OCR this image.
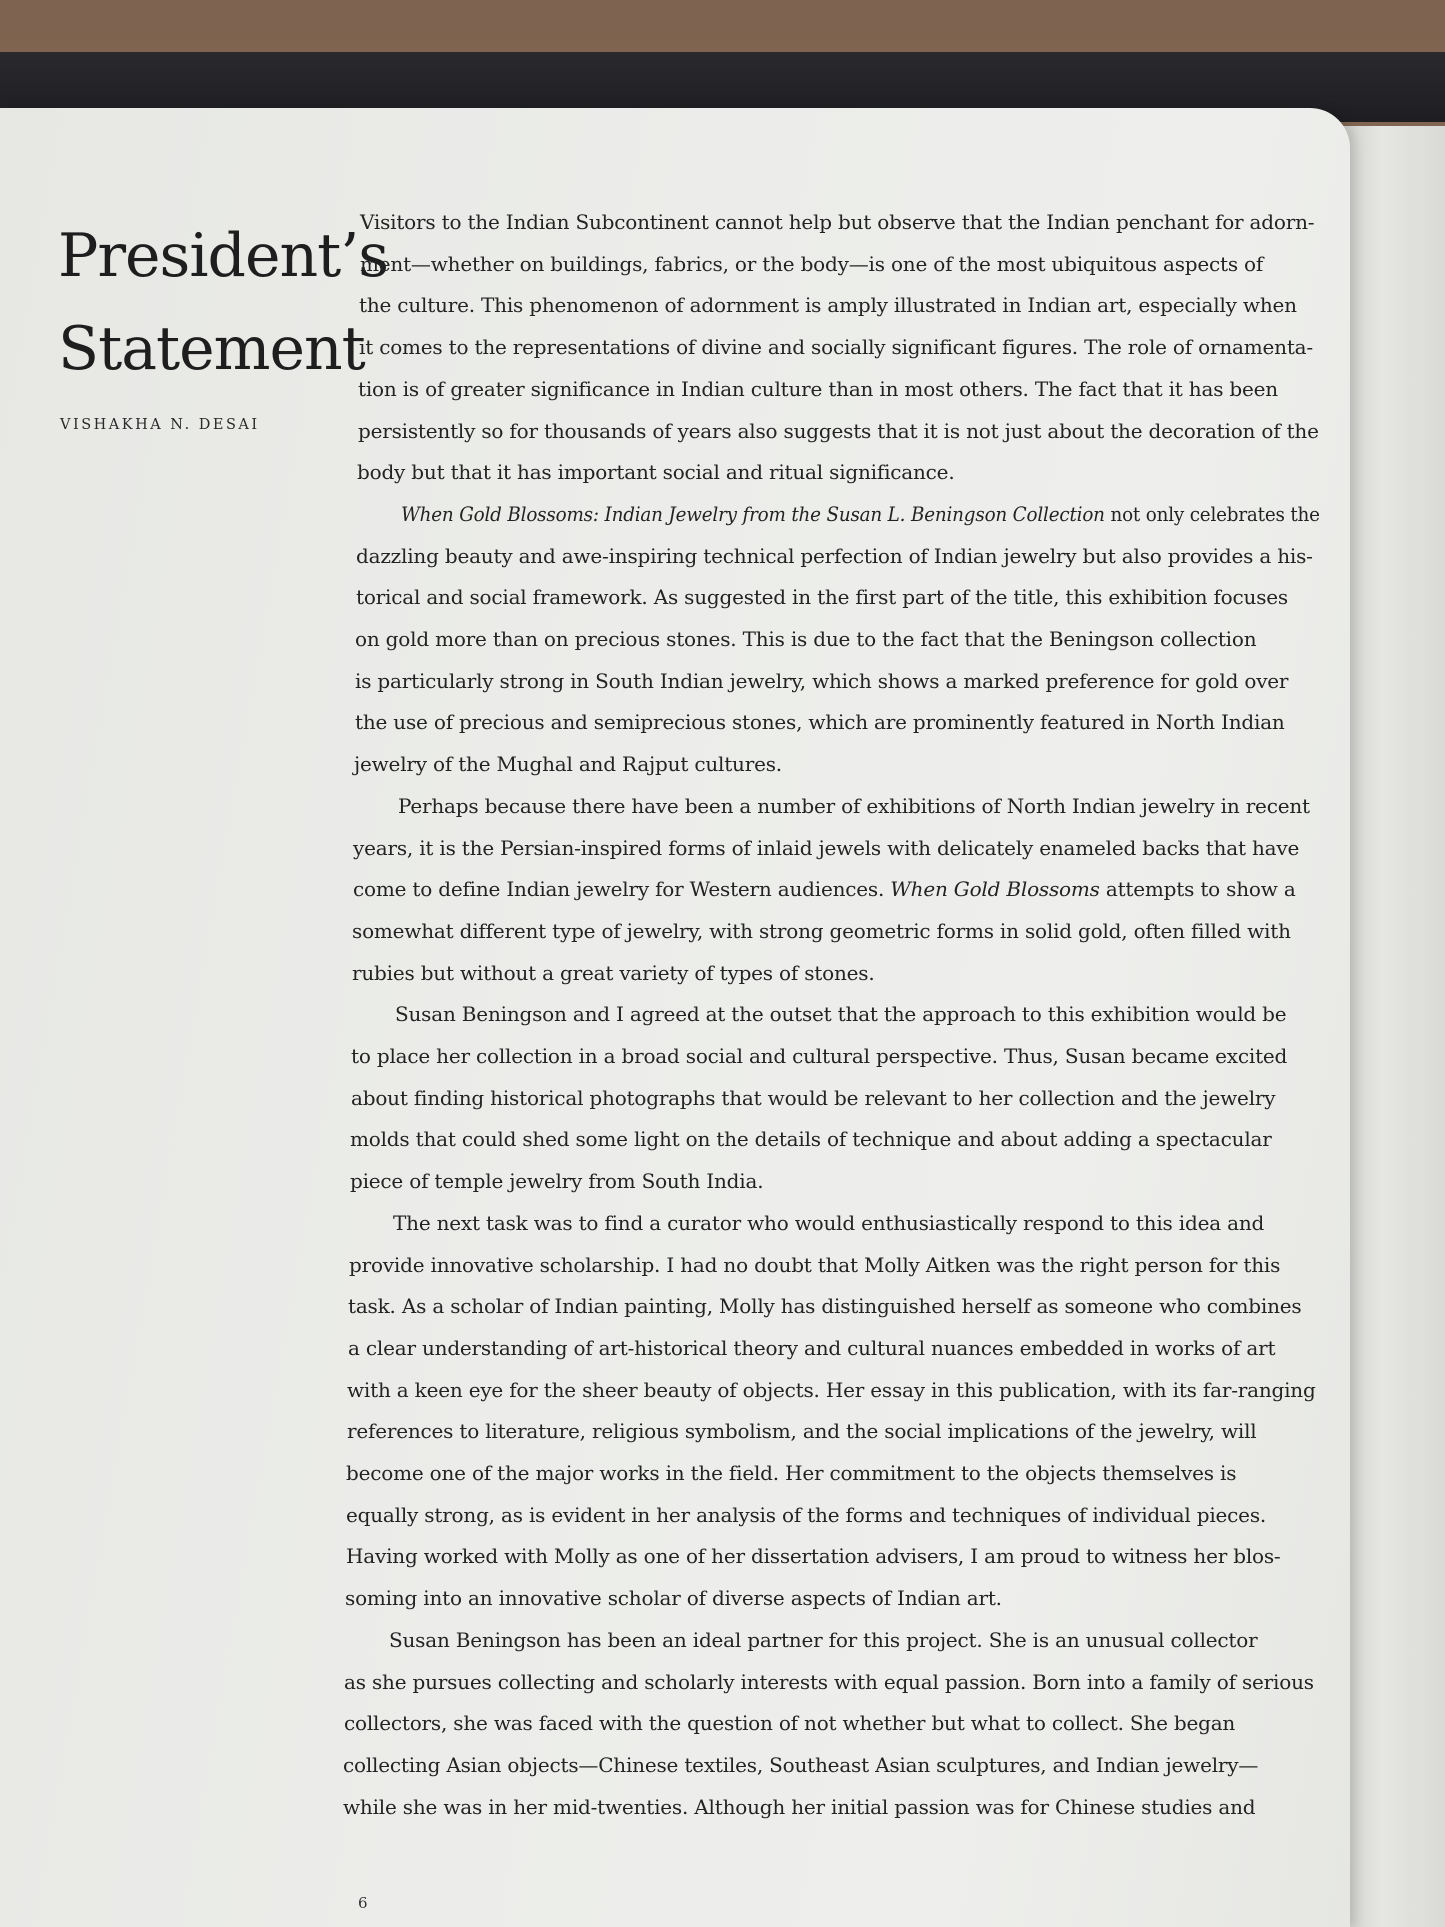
President’s
Statement

VISHAKHA N. DESAI

Visitors to the Indian Subcontinent cannot help but observe that the Indian penchant for adorn-
ment—whether on buildings, fabrics, or the body—is one of the most ubiquitous aspects of
the culture. This phenomenon of adornment is amply illustrated in Indian art, especially when
it comes to the representations of divine and socially significant figures. The role of ornamenta-
tion is of greater significance in Indian culture than in most others. The fact that it has been
persistently so for thousands of years also suggests that it is not just about the decoration of the
body but that it has important social and ritual significance.
When Gold Blossoms: Indian Jewelry from the Susan L. Beningson Collection not only celebrates the
dazzling beauty and awe-inspiring technical perfection of Indian jewelry but also provides a his-
torical and social framework. As suggested in the first part of the title, this exhibition focuses
on gold more than on precious stones. This is due to the fact that the Beningson collection
is particularly strong in South Indian jewelry, which shows a marked preference for gold over
the use of precious and semiprecious stones, which are prominently featured in North Indian
jewelry of the Mughal and Rajput cultures.
Perhaps because there have been a number of exhibitions of North Indian jewelry in recent
years, it is the Persian-inspired forms of inlaid jewels with delicately enameled backs that have
come to define Indian jewelry for Western audiences. When Gold Blossoms attempts to show a
somewhat different type of jewelry, with strong geometric forms in solid gold, often filled with
rubies but without a great variety of types of stones.
Susan Beningson and I agreed at the outset that the approach to this exhibition would be
to place her collection in a broad social and cultural perspective. Thus, Susan became excited
about finding historical photographs that would be relevant to her collection and the jewelry
molds that could shed some light on the details of technique and about adding a spectacular
piece of temple jewelry from South India.
The next task was to find a curator who would enthusiastically respond to this idea and
provide innovative scholarship. I had no doubt that Molly Aitken was the right person for this
task. As a scholar of Indian painting, Molly has distinguished herself as someone who combines
a clear understanding of art-historical theory and cultural nuances embedded in works of art
with a keen eye for the sheer beauty of objects. Her essay in this publication, with its far-ranging
references to literature, religious symbolism, and the social implications of the jewelry, will
become one of the major works in the field. Her commitment to the objects themselves is
equally strong, as is evident in her analysis of the forms and techniques of individual pieces.
Having worked with Molly as one of her dissertation advisers, I am proud to witness her blos-
soming into an innovative scholar of diverse aspects of Indian art.
Susan Beningson has been an ideal partner for this project. She is an unusual collector
as she pursues collecting and scholarly interests with equal passion. Born into a family of serious
collectors, she was faced with the question of not whether but what to collect. She began
collecting Asian objects—Chinese textiles, Southeast Asian sculptures, and Indian jewelry—
while she was in her mid-twenties. Although her initial passion was for Chinese studies and
6
